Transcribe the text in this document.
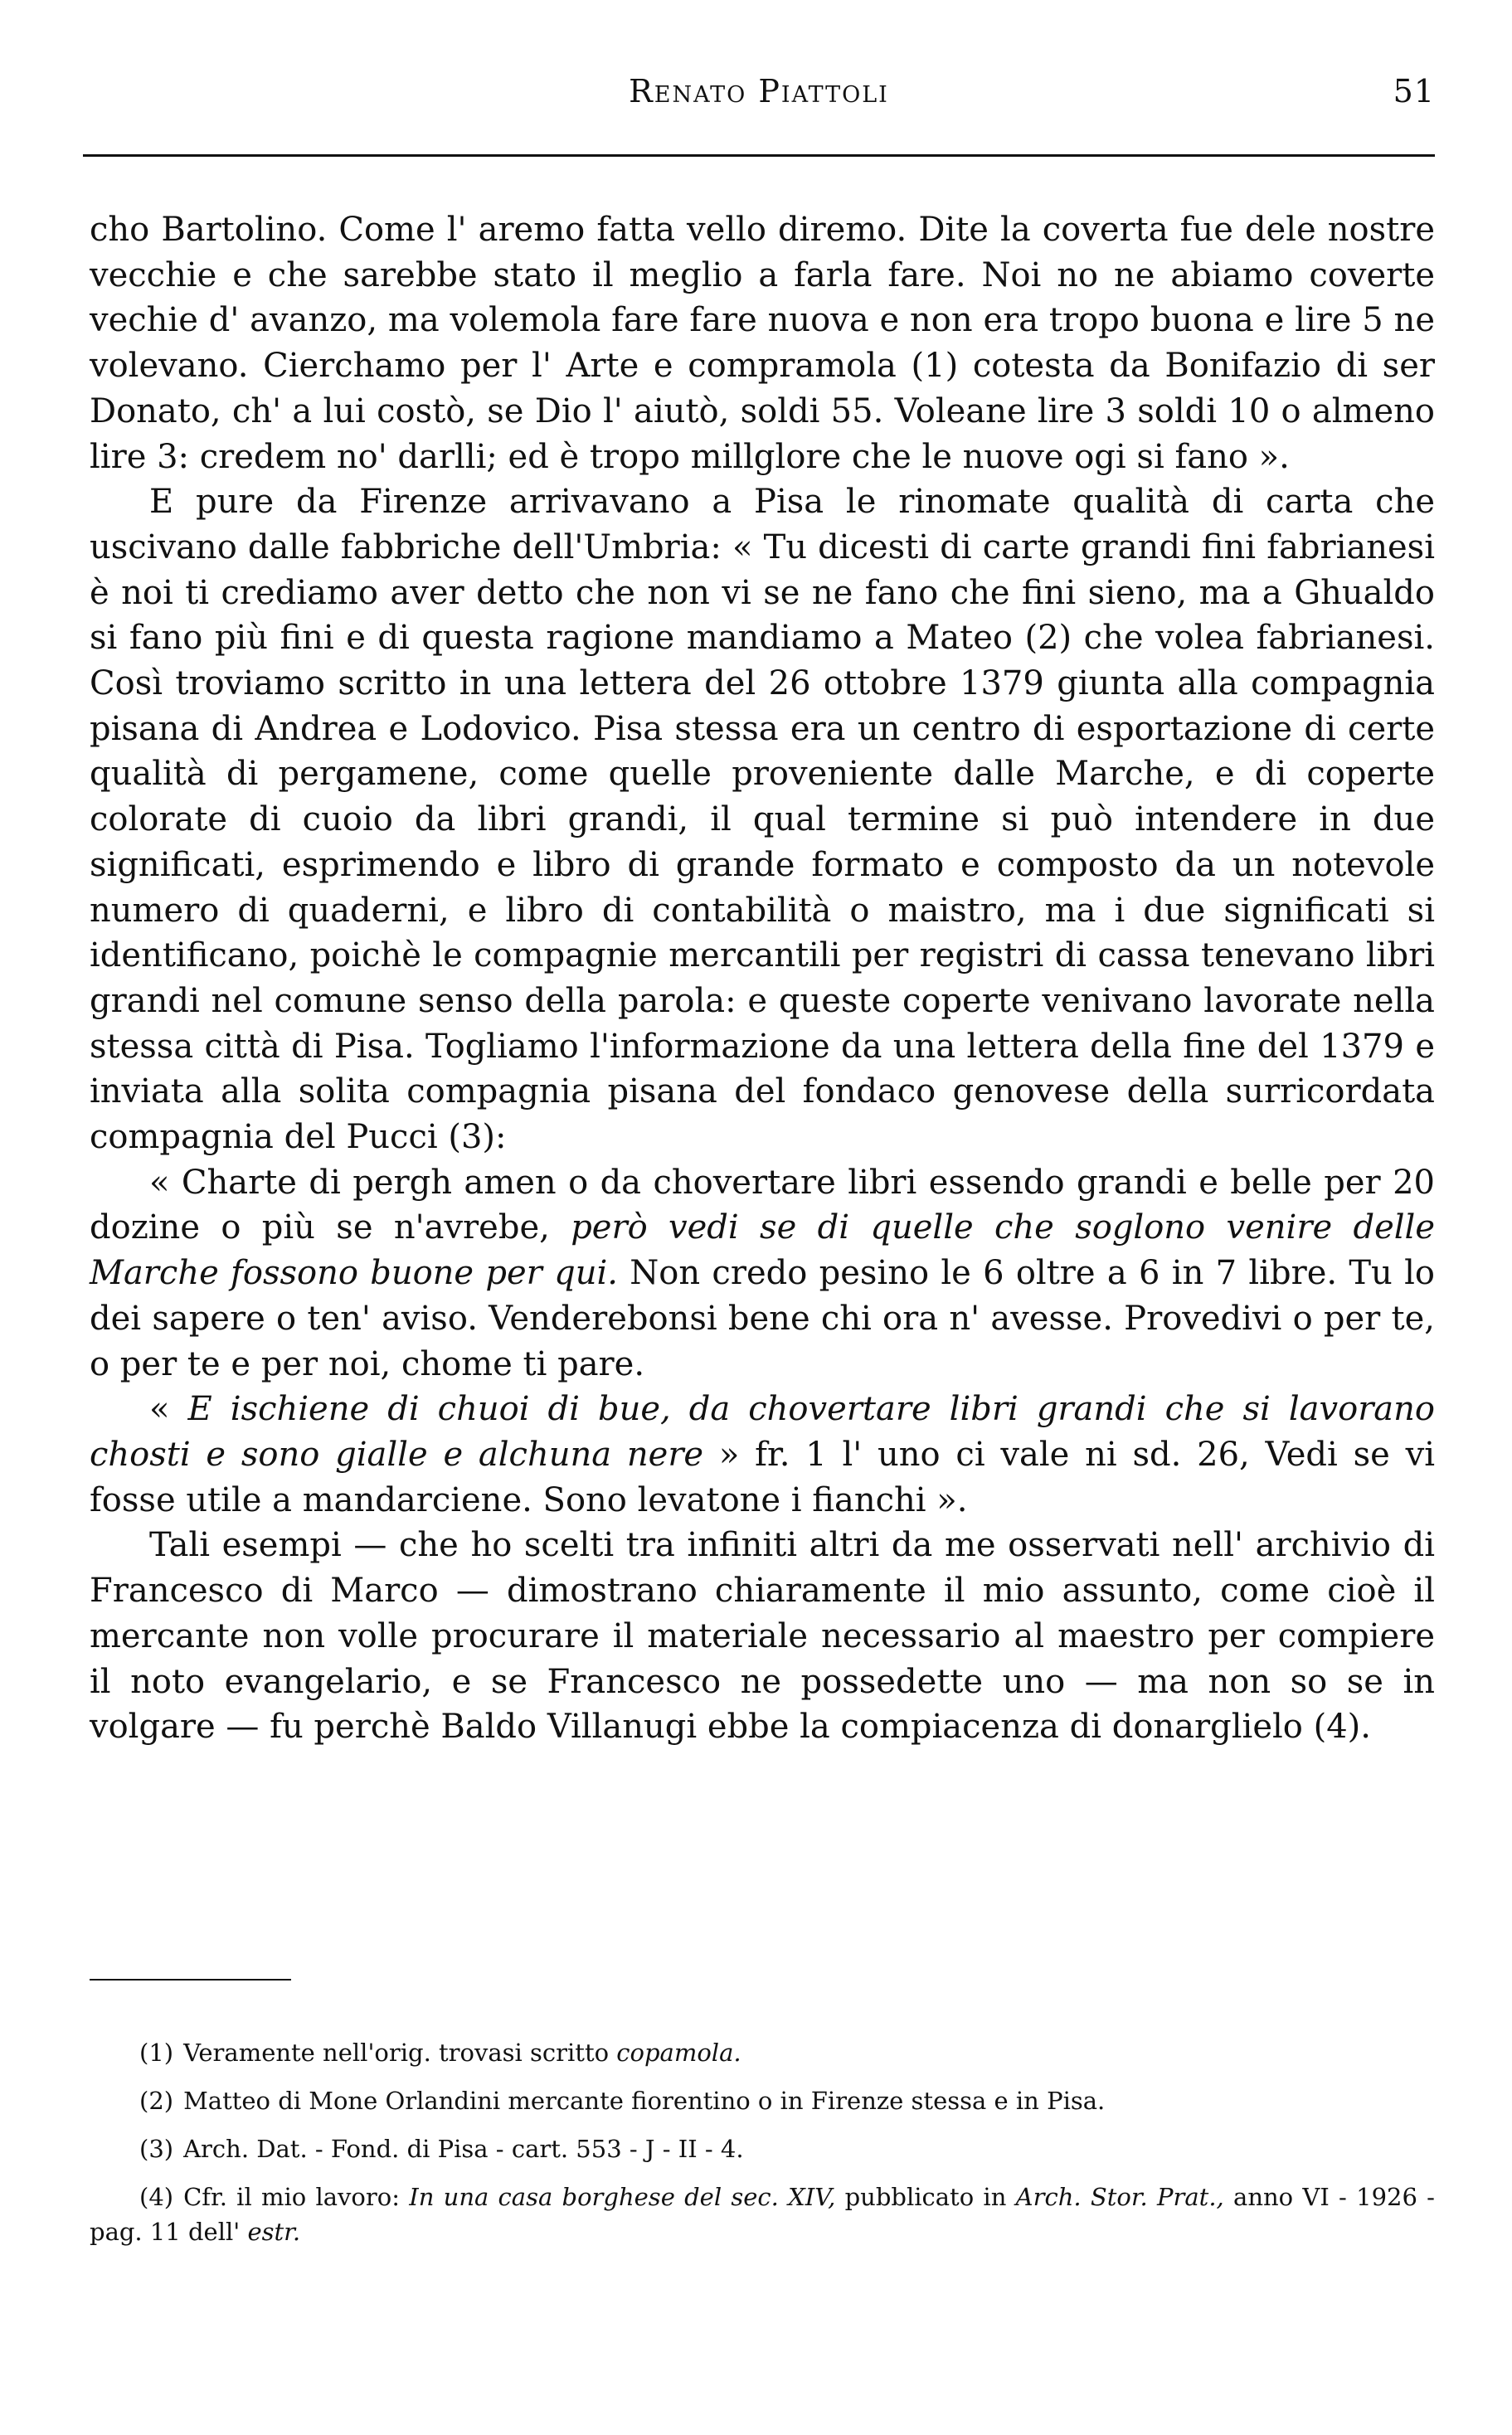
Renato Piattoli	51

cho Bartolino. Come l' aremo fatta vello diremo. Dite la coverta fue dele nostre vecchie e che sarebbe stato il meglio a farla fare. Noi no ne abiamo coverte vechie d' avanzo, ma volemola fare fare nuova e non era tropo buona e lire 5 ne volevano. Cierchamo per l' Arte e compramola (1) cotesta da Bonifazio di ser Donato, ch' a lui costò, se Dio l' aiutò, soldi 55. Voleane lire 3 soldi 10 o almeno lire 3: credem no' darlli; ed è tropo millglore che le nuove ogi si fano ».

E pure da Firenze arrivavano a Pisa le rinomate qualità di carta che uscivano dalle fabbriche dell'Umbria: « Tu dicesti di carte grandi fini fabrianesi è noi ti crediamo aver detto che non vi se ne fano che fini sieno, ma a Ghualdo si fano più fini e di questa ragione mandiamo a Mateo (2) che volea fabrianesi. Così troviamo scritto in una lettera del 26 ottobre 1379 giunta alla compagnia pisana di Andrea e Lodovico. Pisa stessa era un centro di esportazione di certe qualità di pergamene, come quelle proveniente dalle Marche, e di coperte colorate di cuoio da libri grandi, il qual termine si può intendere in due significati, esprimendo e libro di grande formato e composto da un notevole numero di quaderni, e libro di contabilità o maistro, ma i due significati si identificano, poichè le compagnie mercantili per registri di cassa tenevano libri grandi nel comune senso della parola: e queste coperte venivano lavorate nella stessa città di Pisa. Togliamo l'informazione da una lettera della fine del 1379 e inviata alla solita compagnia pisana del fondaco genovese della surricordata compagnia del Pucci (3):

« Charte di pergh amen o da chovertare libri essendo grandi e belle per 20 dozine o più se n'avrebe, però vedi se di quelle che soglono venire delle Marche fossono buone per qui. Non credo pesino le 6 oltre a 6 in 7 libre. Tu lo dei sapere o ten' aviso. Venderebonsi bene chi ora n' avesse. Provedivi o per te, o per te e per noi, chome ti pare.

« E ischiene di chuoi di bue, da chovertare libri grandi che si lavorano chosti e sono gialle e alchuna nere » fr. 1 l' uno ci vale ni sd. 26, Vedi se vi fosse utile a mandarciene. Sono levatone i fianchi ».

Tali esempi — che ho scelti tra infiniti altri da me osservati nell' archivio di Francesco di Marco — dimostrano chiaramente il mio assunto, come cioè il mercante non volle procurare il materiale necessario al maestro per compiere il noto evangelario, e se Francesco ne possedette uno — ma non so se in volgare — fu perchè Baldo Villanugi ebbe la compiacenza di donarglielo (4).

(1) Veramente nell'orig. trovasi scritto copamola.

(2) Matteo di Mone Orlandini mercante fiorentino o in Firenze stessa e in Pisa.

(3) Arch. Dat. - Fond. di Pisa - cart. 553 - J - II - 4.

(4) Cfr. il mio lavoro: In una casa borghese del sec. XIV, pubblicato in Arch. Stor. Prat., anno VI - 1926 - pag. 11 dell' estr.
